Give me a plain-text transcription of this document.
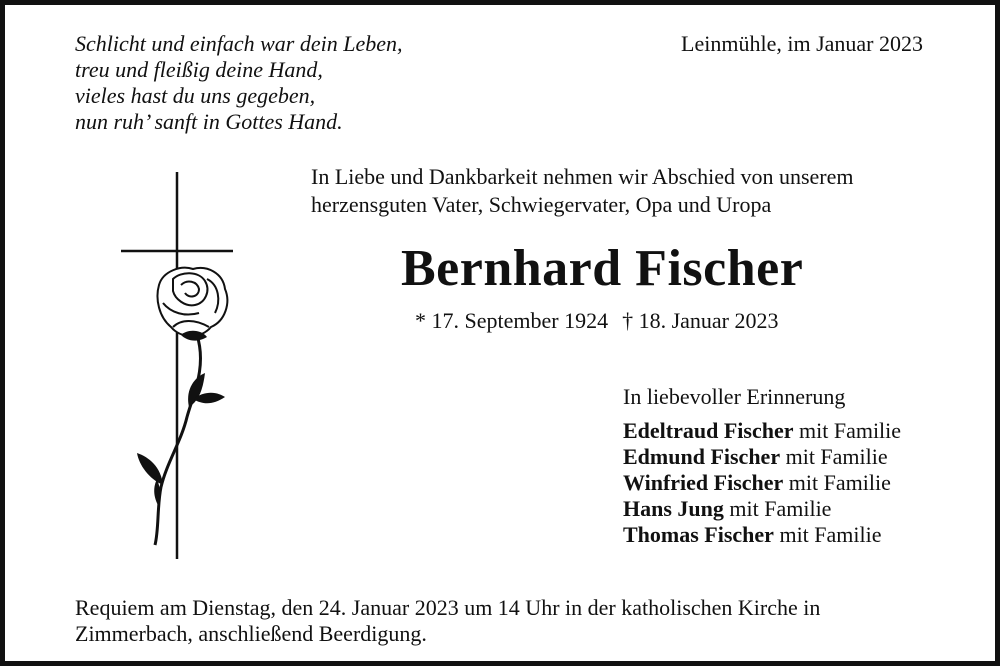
Schlicht und einfach war dein Leben,
treu und fleißig deine Hand,
vieles hast du uns gegeben,
nun ruh’ sanft in Gottes Hand.
Leinmühle, im Januar 2023
In Liebe und Dankbarkeit nehmen wir Abschied von unserem
herzensguten Vater, Schwiegervater, Opa und Uropa
Bernhard Fischer
* 17. September 1924 † 18. Januar 2023
In liebevoller Erinnerung
Edeltraud Fischer mit Familie
Edmund Fischer mit Familie
Winfried Fischer mit Familie
Hans Jung mit Familie
Thomas Fischer mit Familie
Requiem am Dienstag, den 24. Januar 2023 um 14 Uhr in der katholischen Kirche in
Zimmerbach, anschließend Beerdigung.
